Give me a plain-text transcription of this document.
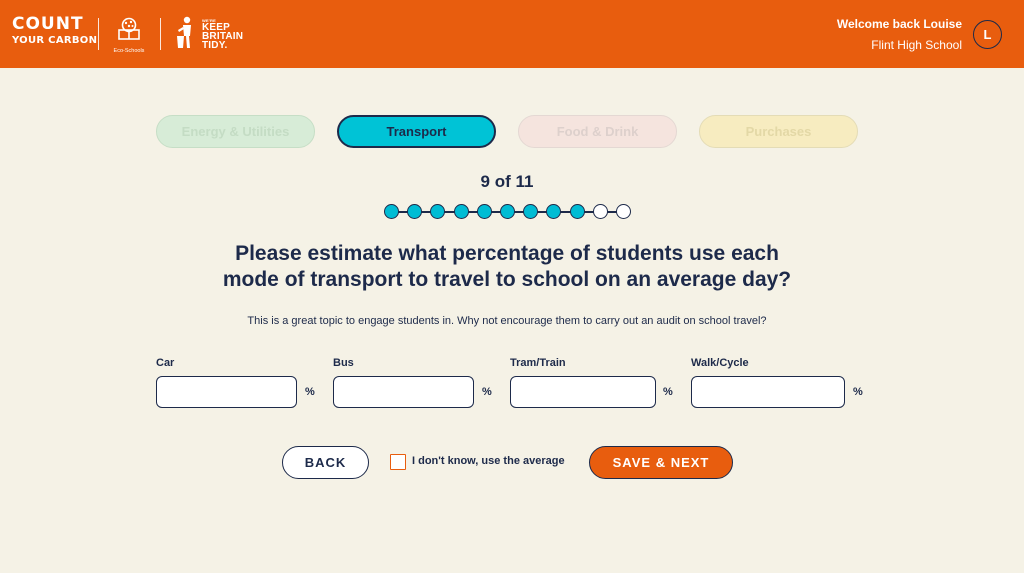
COUNT
YOUR CARBON
Eco-Schools
WE'RE
KEEP
BRITAIN
TIDY.
Welcome back Louise
Flint High School
L
Energy & Utilities	Transport	Food & Drink	Purchases
9 of 11
Please estimate what percentage of students use each
mode of transport to travel to school on an average day?
This is a great topic to engage students in. Why not encourage them to carry out an audit on school travel?
Car
%
Bus
%
Tram/Train
%
Walk/Cycle
%
BACK	I don't know, use the average	SAVE & NEXT
